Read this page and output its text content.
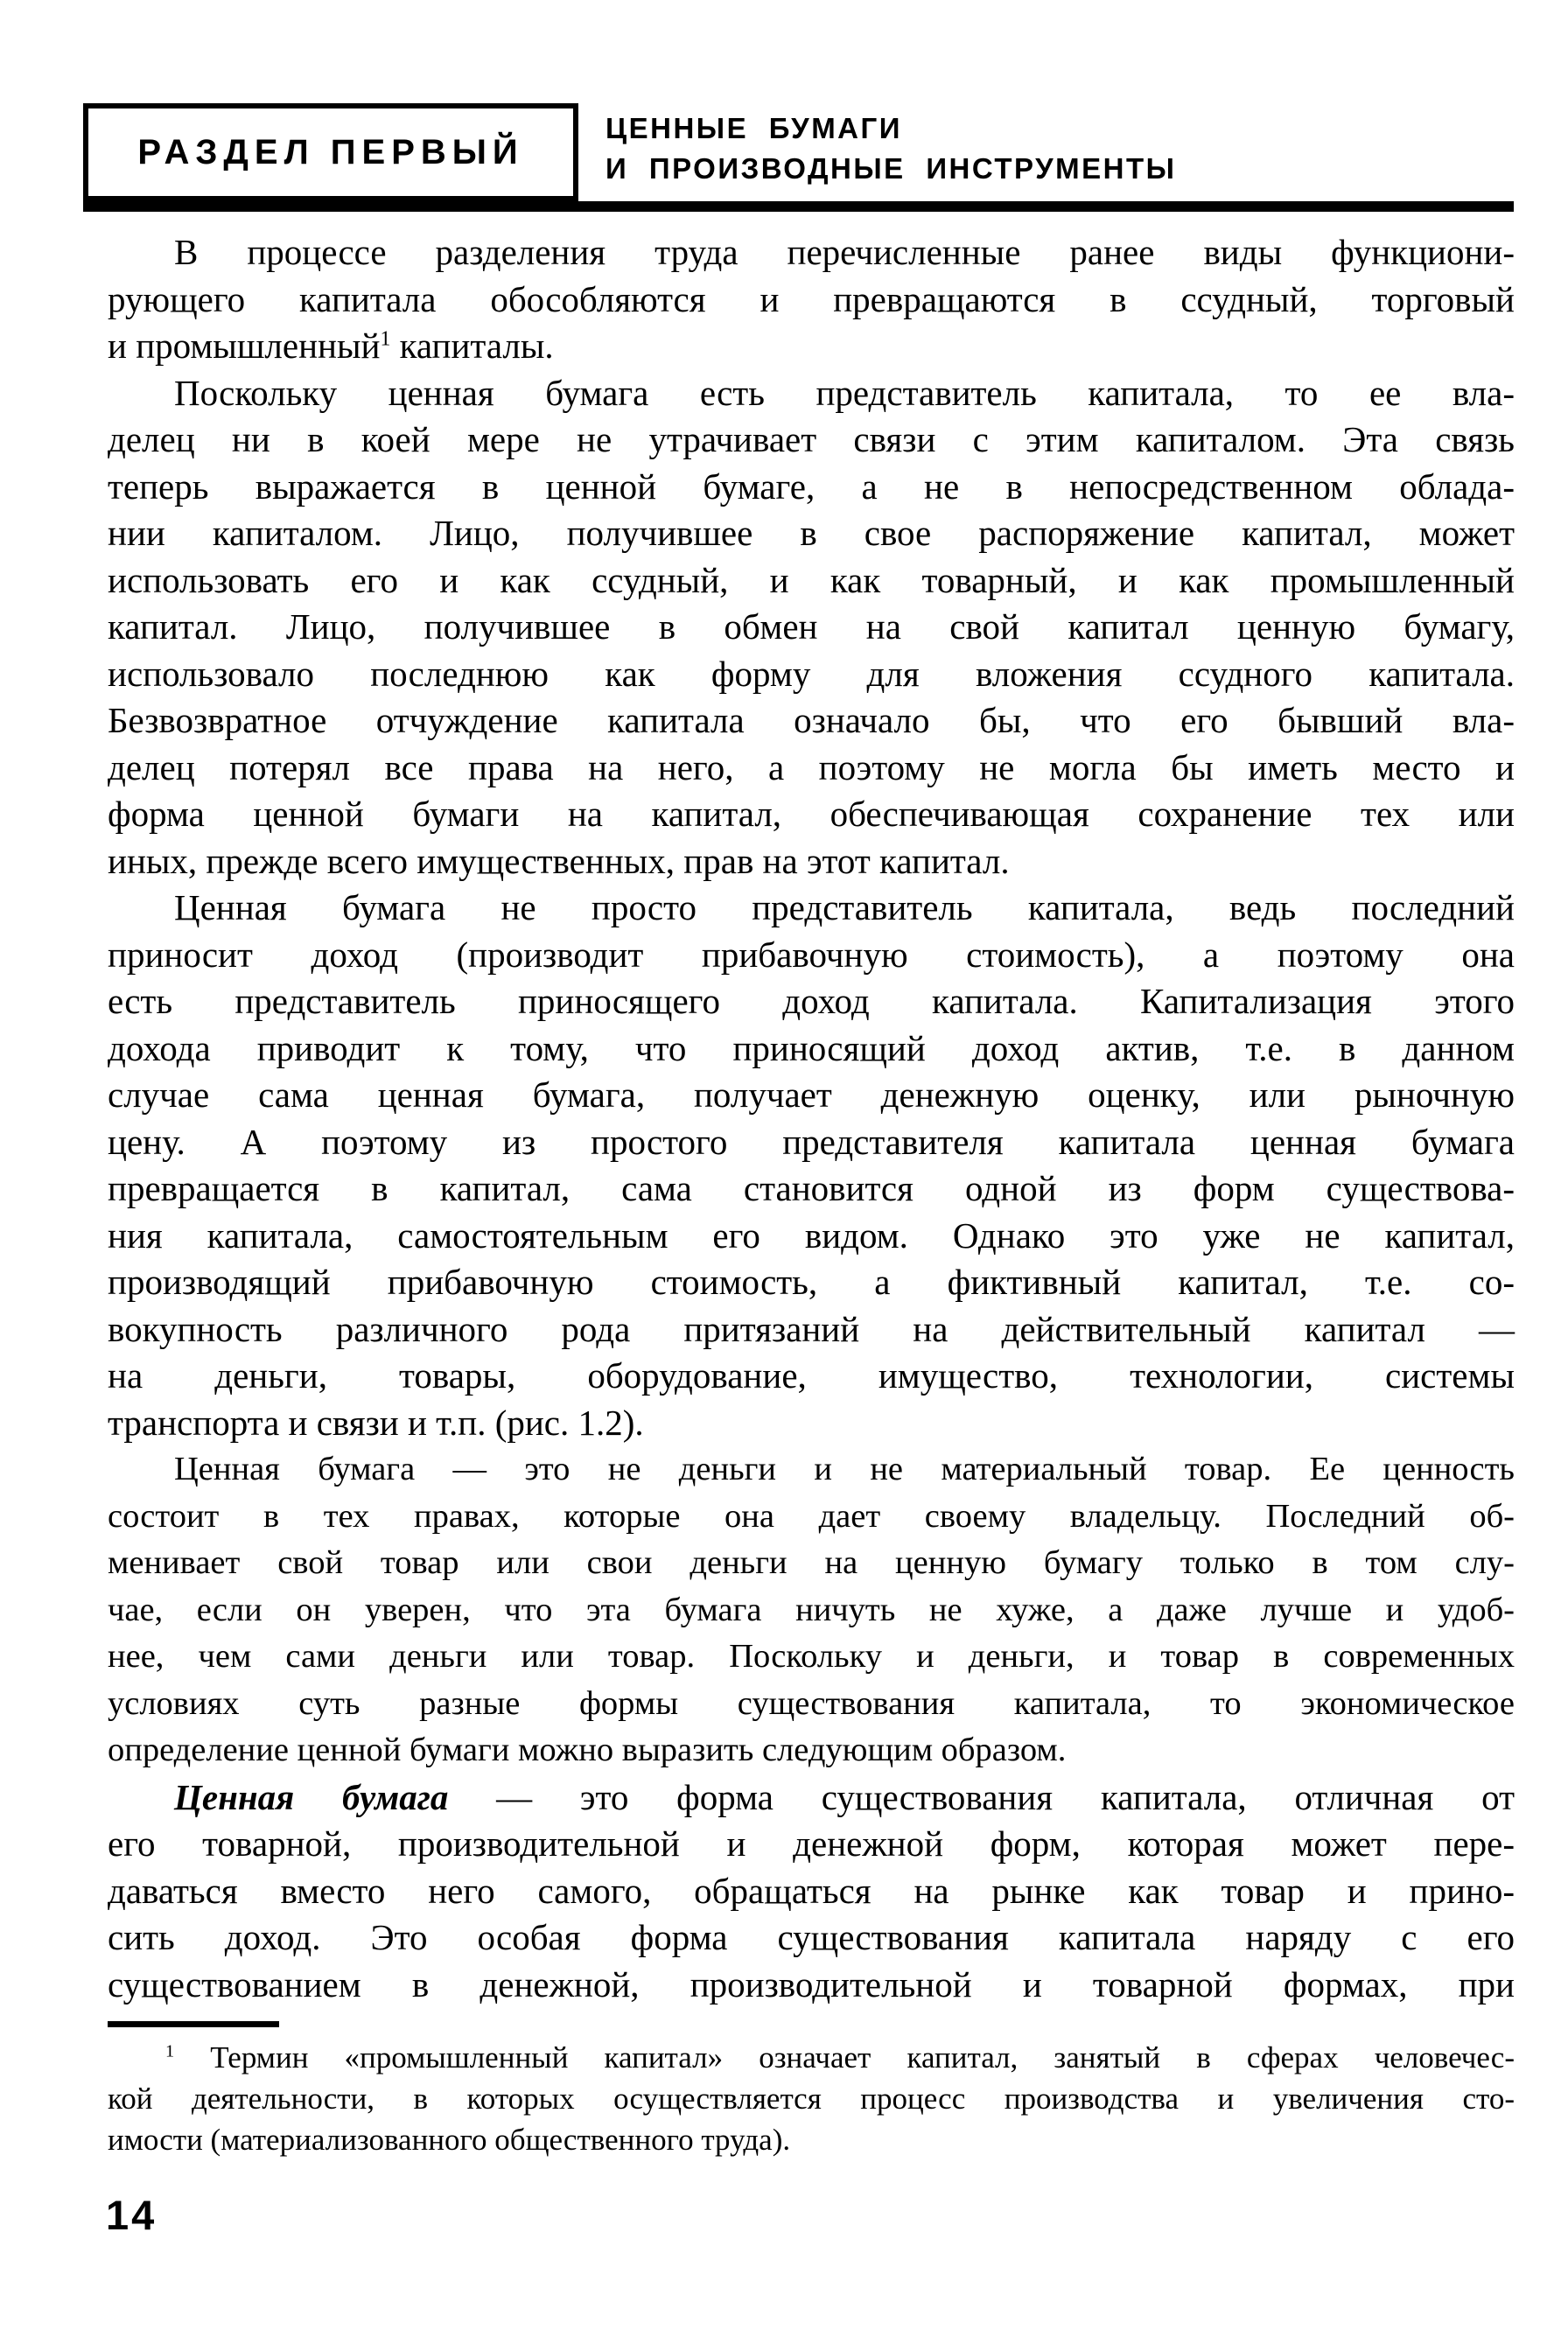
РАЗДЕЛ ПЕРВЫЙ
ЦЕННЫЕ БУМАГИ
И ПРОИЗВОДНЫЕ ИНСТРУМЕНТЫ
В процессе разделения труда перечисленные ранее виды функциони-
рующего капитала обособляются и превращаются в ссудный, торговый
и промышленный$^1$ капиталы.
Поскольку ценная бумага есть представитель капитала, то ее вла-
делец ни в коей мере не утрачивает связи с этим капиталом. Эта связь
теперь выражается в ценной бумаге, а не в непосредственном облада-
нии капиталом. Лицо, получившее в свое распоряжение капитал, может
использовать его и как ссудный, и как товарный, и как промышленный
капитал. Лицо, получившее в обмен на свой капитал ценную бумагу,
использовало последнюю как форму для вложения ссудного капитала.
Безвозвратное отчуждение капитала означало бы, что его бывший вла-
делец потерял все права на него, а поэтому не могла бы иметь место и
форма ценной бумаги на капитал, обеспечивающая сохранение тех или
иных, прежде всего имущественных, прав на этот капитал.
Ценная бумага не просто представитель капитала, ведь последний
приносит доход (производит прибавочную стоимость), а поэтому она
есть представитель приносящего доход капитала. Капитализация этого
дохода приводит к тому, что приносящий доход актив, т.е. в данном
случае сама ценная бумага, получает денежную оценку, или рыночную
цену. А поэтому из простого представителя капитала ценная бумага
превращается в капитал, сама становится одной из форм существова-
ния капитала, самостоятельным его видом. Однако это уже не капитал,
производящий прибавочную стоимость, а фиктивный капитал, т.е. со-
вокупность различного рода притязаний на действительный капитал —
на деньги, товары, оборудование, имущество, технологии, системы
транспорта и связи и т.п. (рис. 1.2).
Ценная бумага — это не деньги и не материальный товар. Ее ценность
состоит в тех правах, которые она дает своему владельцу. Последний об-
менивает свой товар или свои деньги на ценную бумагу только в том слу-
чае, если он уверен, что эта бумага ничуть не хуже, а даже лучше и удоб-
нее, чем сами деньги или товар. Поскольку и деньги, и товар в современных
условиях суть разные формы существования капитала, то экономическое
определение ценной бумаги можно выразить следующим образом.
Ценная бумага — это форма существования капитала, отличная от
его товарной, производительной и денежной форм, которая может пере-
даваться вместо него самого, обращаться на рынке как товар и прино-
сить доход. Это особая форма существования капитала наряду с его
существованием в денежной, производительной и товарной формах, при
$^1$ Термин «промышленный капитал» означает капитал, занятый в сферах человечес-
кой деятельности, в которых осуществляется процесс производства и увеличения сто-
имости (материализованного общественного труда).
14
